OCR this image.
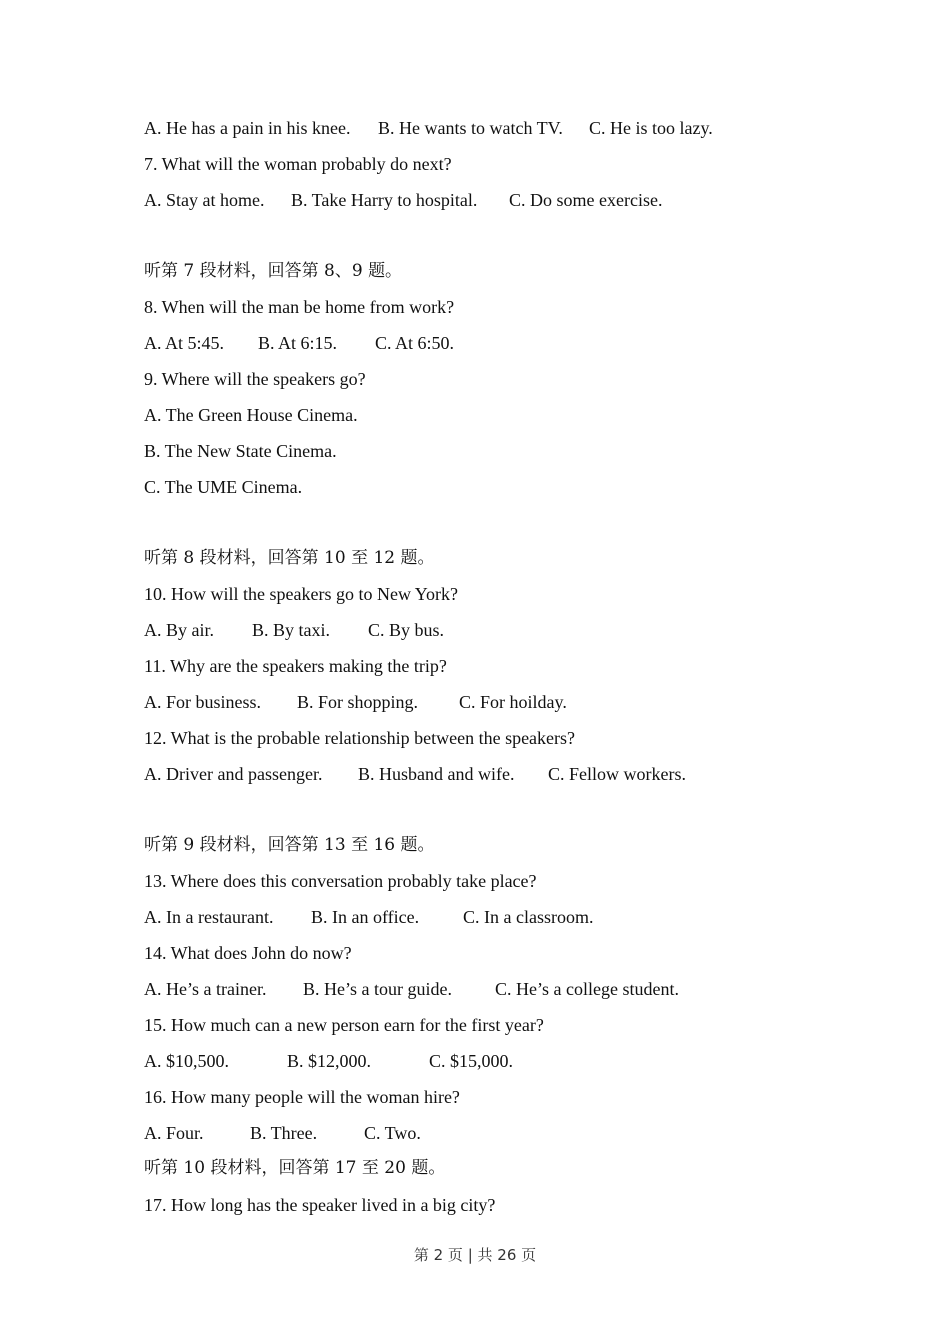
第 2 页 | 共 26 页
A. He has a pain in his knee. B. He wants to watch TV. C. He is too lazy.
7. What will the woman probably do next?
A. Stay at home. B. Take Harry to hospital. C. Do some exercise.
听第 7 段材料，回答第 8、9 题。
8. When will the man be home from work?
A. At 5:45. B. At 6:15. C. At 6:50.
9. Where will the speakers go?
A. The Green House Cinema.
B. The New State Cinema.
C. The UME Cinema.
听第 8 段材料，回答第 10 至 12 题。
10. How will the speakers go to New York?
A. By air. B. By taxi. C. By bus.
11. Why are the speakers making the trip?
A. For business. B. For shopping. C. For hoilday.
12. What is the probable relationship between the speakers?
A. Driver and passenger. B. Husband and wife. C. Fellow workers.
听第 9 段材料，回答第 13 至 16 题。
13. Where does this conversation probably take place?
A. In a restaurant. B. In an office. C. In a classroom.
14. What does John do now?
A. He’s a trainer. B. He’s a tour guide. C. He’s a college student.
15. How much can a new person earn for the first year?
A. $10,500.	B. $12,000.	C. $15,000.
16. How many people will the woman hire?
A. Four.	B. Three.	C. Two.
听第 10 段材料，回答第 17 至 20 题。
17. How long has the speaker lived in a big city?
